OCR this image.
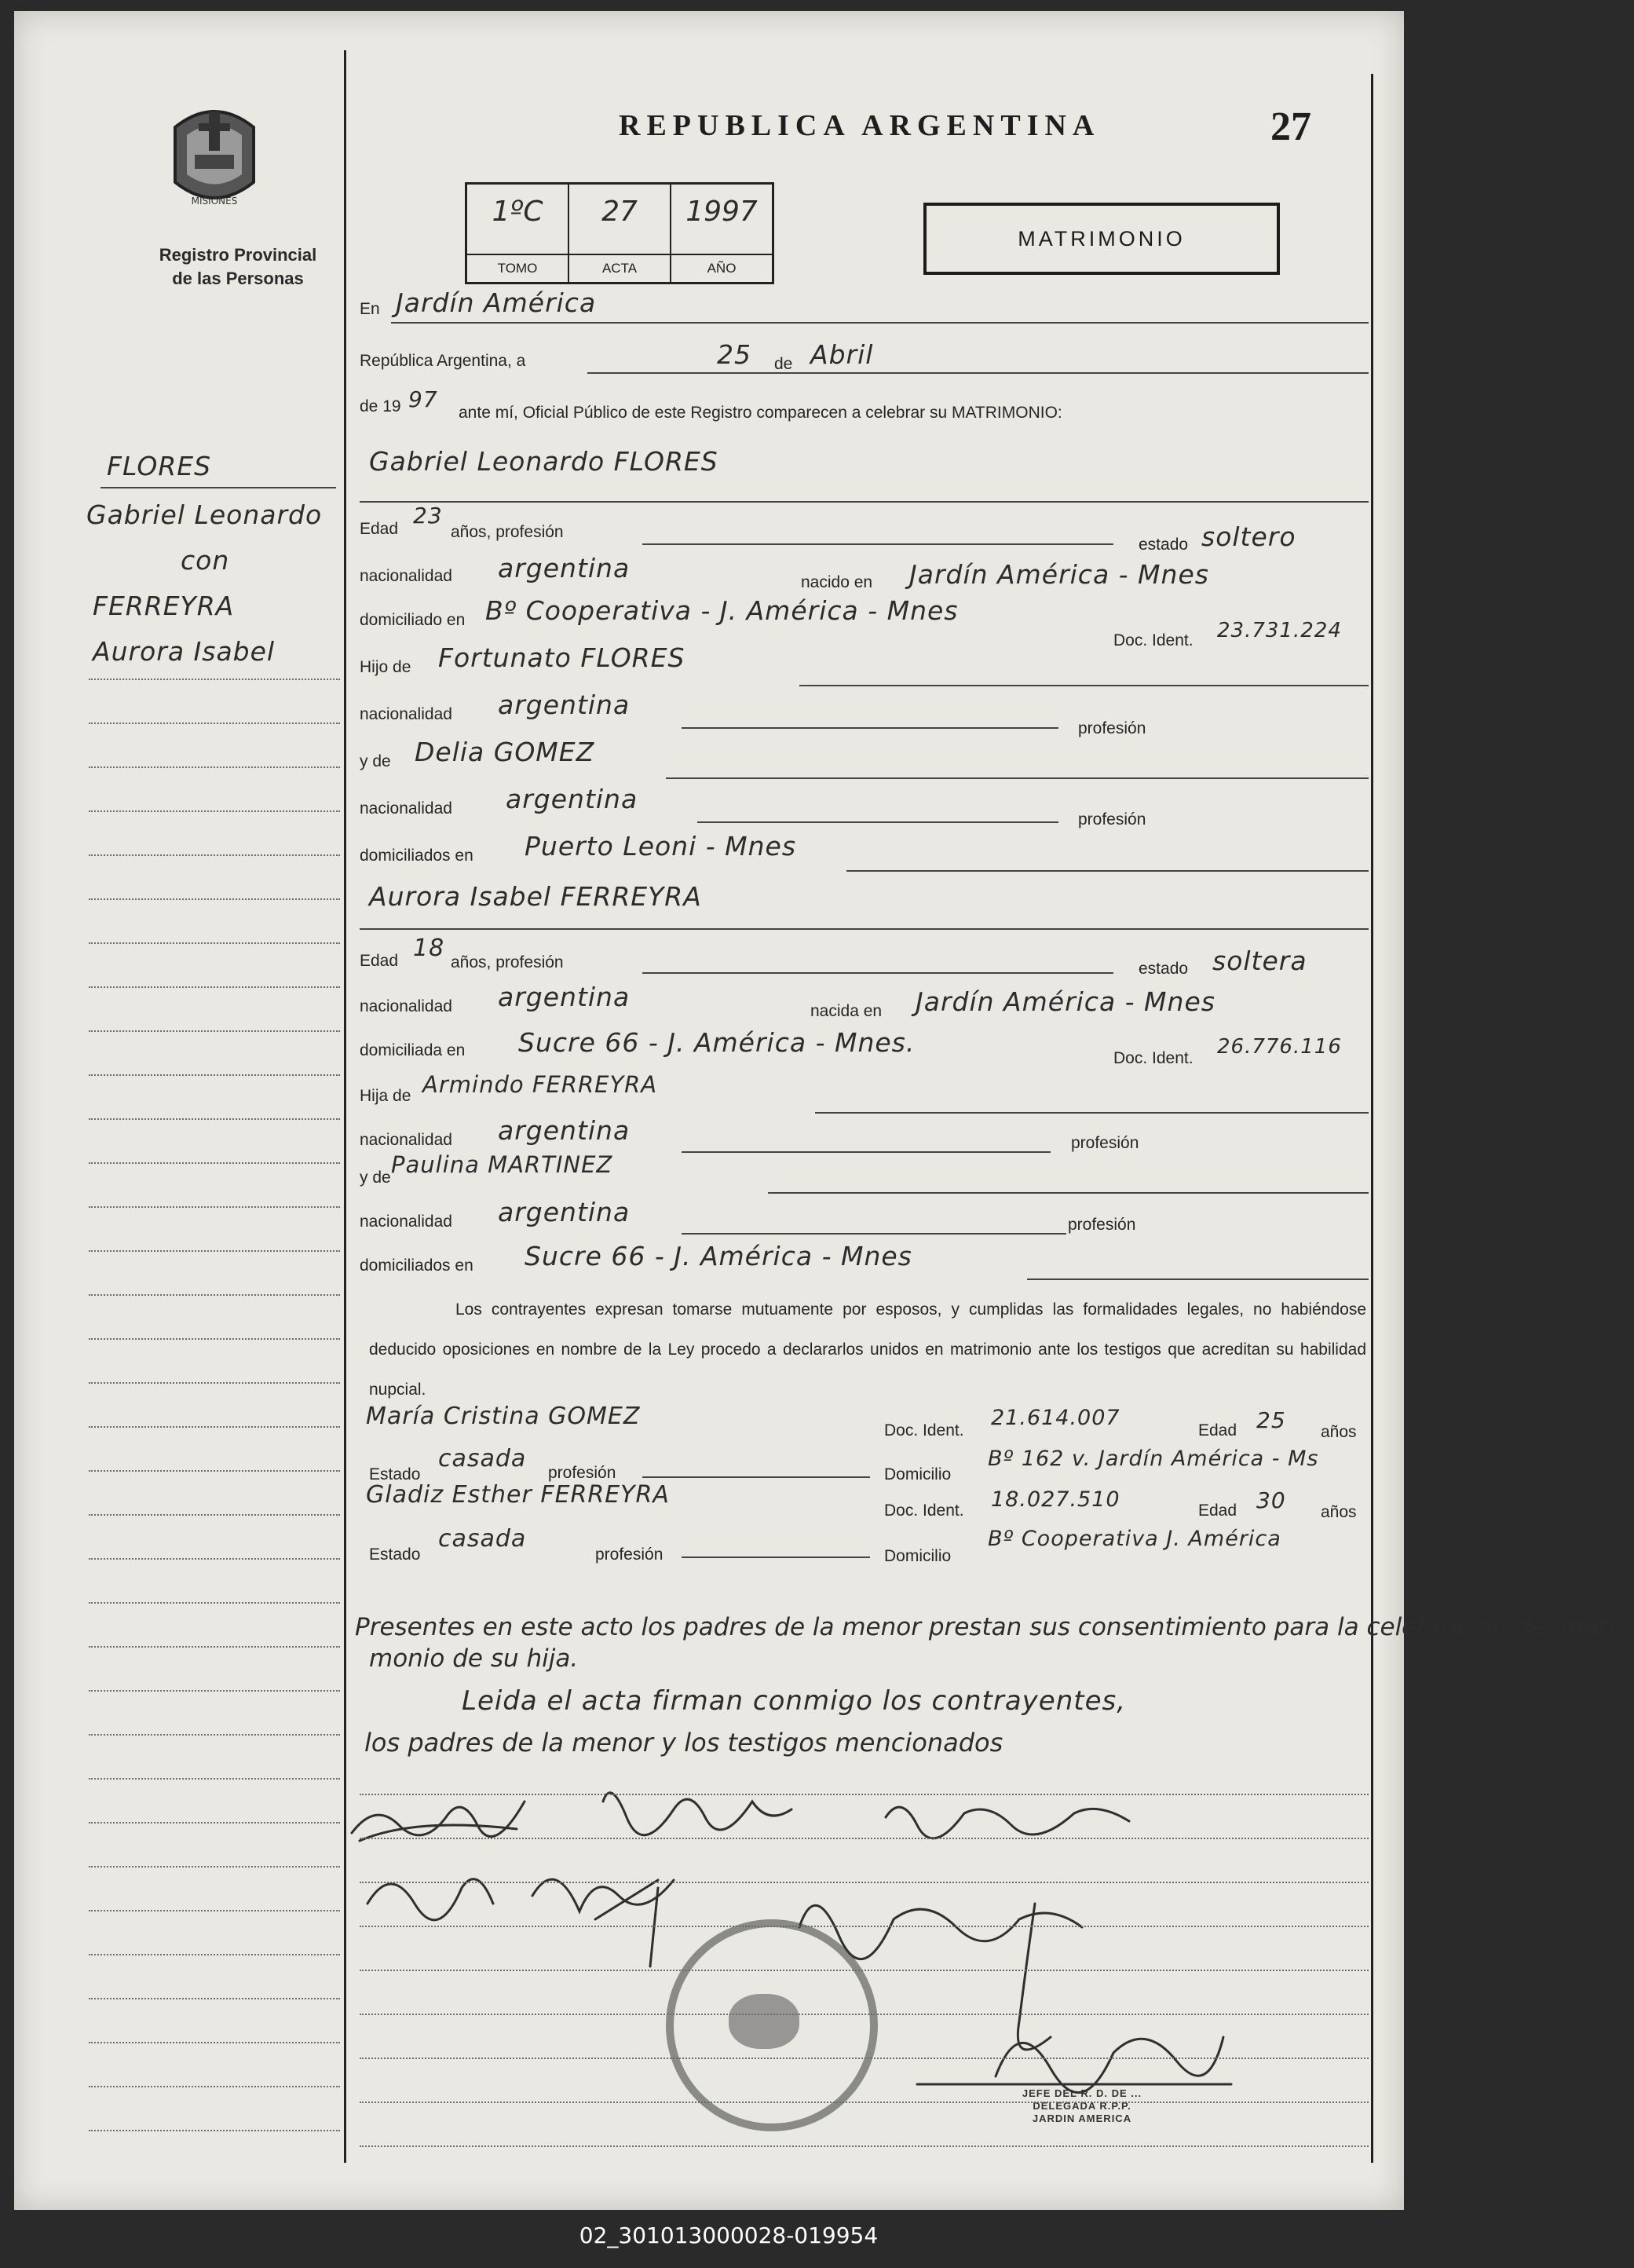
MISIONES
Registro Provincial
de las Personas
REPUBLICA ARGENTINA	27
1ºC
TOMO
27
ACTA
1997
AÑO
MATRIMONIO
FLORES
Gabriel Leonardo
con
FERREYRA
Aurora Isabel
En Jardín América
República Argentina, a	25 de Abril
de 19 97
ante mí, Oficial Público de este Registro comparecen a celebrar su MATRIMONIO:
Gabriel Leonardo FLORES
Edad
23
años, profesión
estado soltero
nacionalidad argentina	nacido en Jardín América - Mnes
domiciliado en Bº Cooperativa - J. América - Mnes
Doc. Ident. 23.731.224
Hijo de Fortunato FLORES
nacionalidad argentina
profesión
y de Delia GOMEZ
nacionalidad argentina
profesión
domiciliados en Puerto Leoni - Mnes
Aurora Isabel FERREYRA
Edad 18
años, profesión	estado soltera
nacionalidad argentina	nacida en Jardín América - Mnes
domiciliada en Sucre 66 - J. América - Mnes.
Doc. Ident. 26.776.116
Hija de Armindo FERREYRA
nacionalidad argentina	profesión
y de Paulina MARTINEZ
nacionalidad argentina	profesión
domiciliados en Sucre 66 - J. América - Mnes
Los contrayentes expresan tomarse mutuamente por esposos, y cumplidas las formalidades legales, no habiéndose deducido oposiciones en nombre de la Ley procedo a declararlos unidos en matrimonio ante los testigos que acreditan su habilidad nupcial.
María Cristina GOMEZ
Doc. Ident.
21.614.007
Edad 25 años
Estado
casada
profesión	Domicilio
Bº 162 v. Jardín América - Ms
Gladiz Esther FERREYRA
Doc. Ident. 18.027.510	Edad 30 años
Estado
casada
profesión	Domicilio
Bº Cooperativa J. América
Presentes en este acto los padres de la menor prestan sus consentimiento para la celebración del matri-
monio de su hija.
Leida el acta firman conmigo los contrayentes,
los padres de la menor y los testigos mencionados
JEFE DEL R. D. DE ...
DELEGADA R.P.P.
JARDIN AMERICA
02_301013000028-019954
